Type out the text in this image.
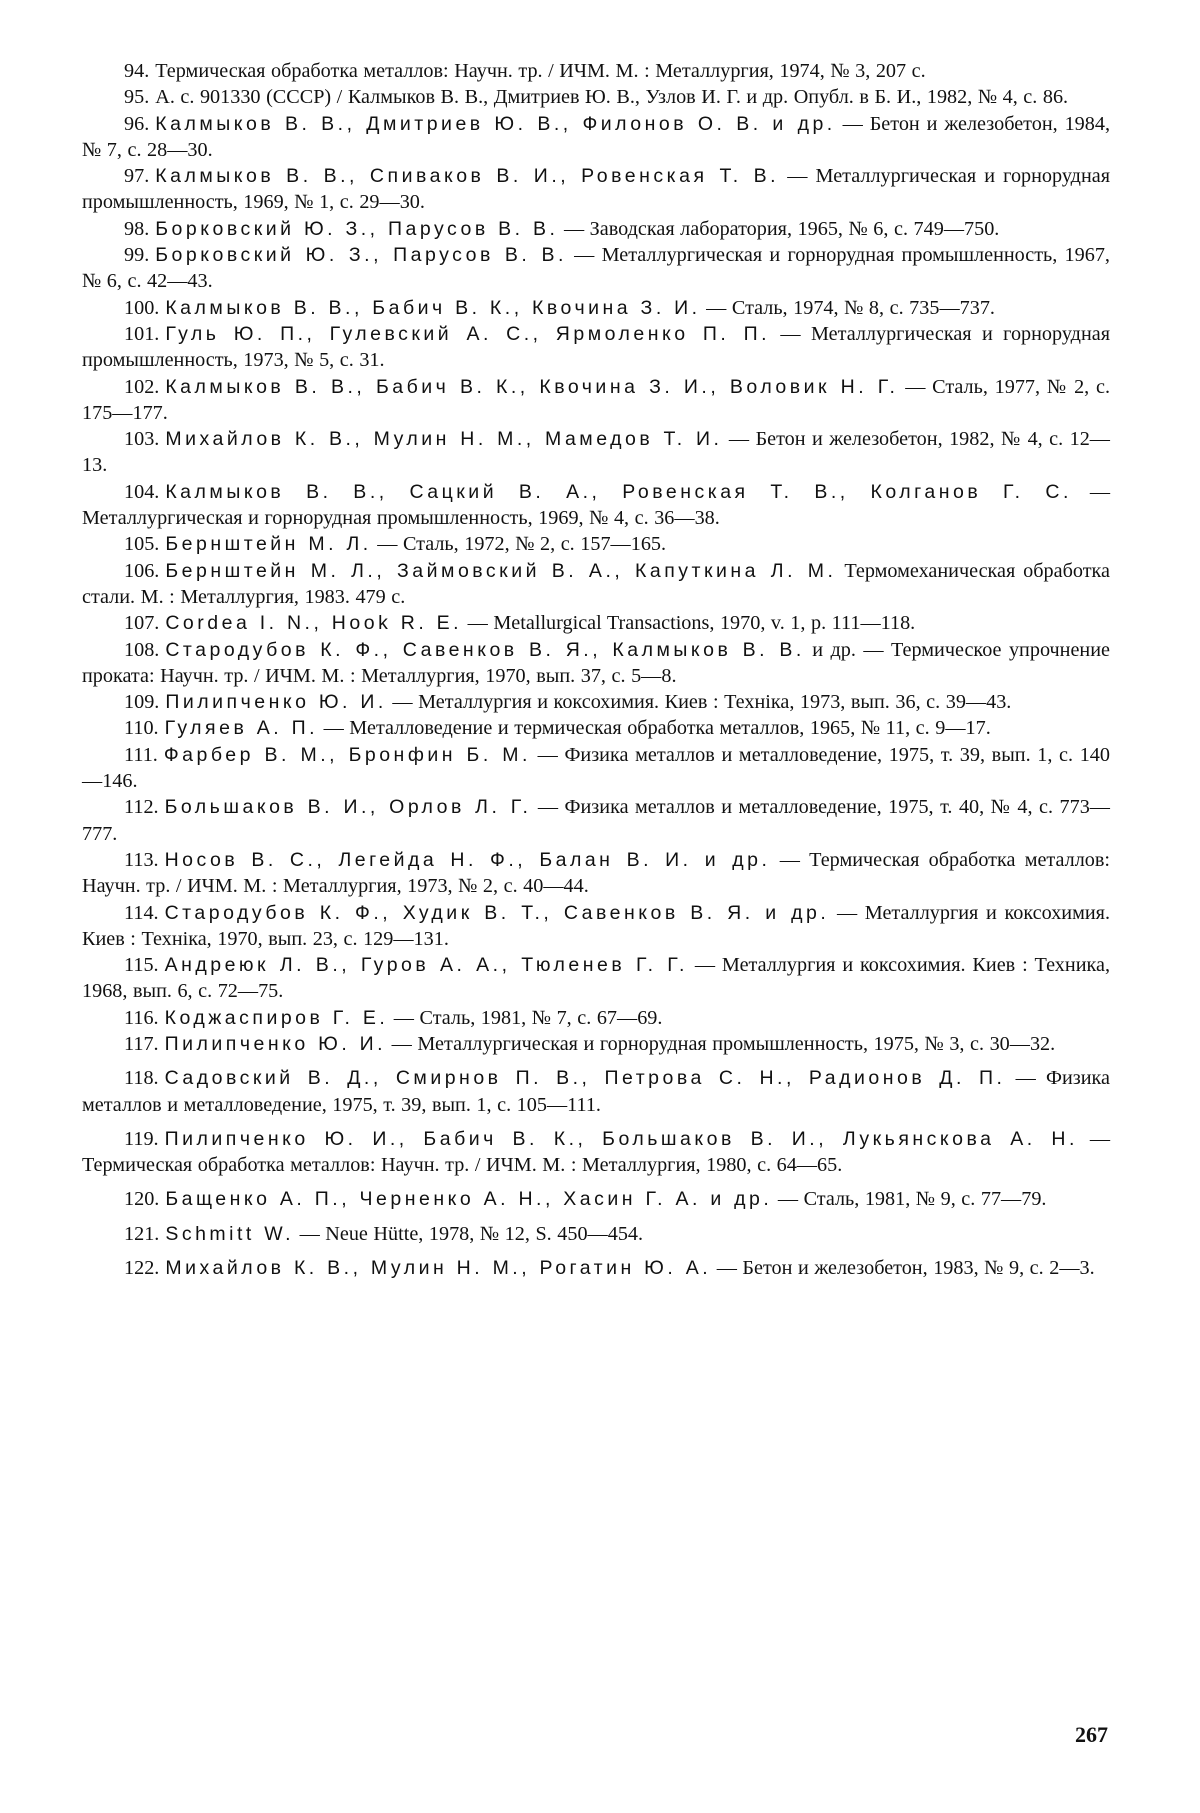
94. Термическая обработка металлов: Научн. тр. / ИЧМ. М. : Металлургия, 1974, № 3, 207 с.

95. А. с. 901330 (СССР) / Калмыков В. В., Дмитриев Ю. В., Узлов И. Г. и др. Опубл. в Б. И., 1982, № 4, с. 86.

96. Калмыков В. В., Дмитриев Ю. В., Филонов О. В. и др. — Бетон и железобетон, 1984, № 7, с. 28—30.

97. Калмыков В. В., Спиваков В. И., Ровенская Т. В. — Металлургическая и горнорудная промышленность, 1969, № 1, с. 29—30.

98. Борковский Ю. З., Парусов В. В. — Заводская лаборатория, 1965, № 6, с. 749—750.

99. Борковский Ю. З., Парусов В. В. — Металлургическая и горнорудная промышленность, 1967, № 6, с. 42—43.

100. Калмыков В. В., Бабич В. К., Квочина З. И. — Сталь, 1974, № 8, с. 735—737.

101. Гуль Ю. П., Гулевский А. С., Ярмоленко П. П. — Металлургическая и горнорудная промышленность, 1973, № 5, с. 31.

102. Калмыков В. В., Бабич В. К., Квочина З. И., Воловик Н. Г. — Сталь, 1977, № 2, с. 175—177.

103. Михайлов К. В., Мулин Н. М., Мамедов Т. И. — Бетон и железобетон, 1982, № 4, с. 12—13.

104. Калмыков В. В., Сацкий В. А., Ровенская Т. В., Колганов Г. С. — Металлургическая и горнорудная промышленность, 1969, № 4, с. 36—38.

105. Бернштейн М. Л. — Сталь, 1972, № 2, с. 157—165.

106. Бернштейн М. Л., Займовский В. А., Капуткина Л. М. Термомеханическая обработка стали. М. : Металлургия, 1983. 479 с.

107. Cordea I. N., Hook R. E. — Metallurgical Transactions, 1970, v. 1, p. 111—118.

108. Стародубов К. Ф., Савенков В. Я., Калмыков В. В. и др. — Термическое упрочнение проката: Научн. тр. / ИЧМ. М. : Металлургия, 1970, вып. 37, с. 5—8.

109. Пилипченко Ю. И. — Металлургия и коксохимия. Киев : Технiка, 1973, вып. 36, с. 39—43.

110. Гуляев А. П. — Металловедение и термическая обработка металлов, 1965, № 11, с. 9—17.

111. Фарбер В. М., Бронфин Б. М. — Физика металлов и металловедение, 1975, т. 39, вып. 1, с. 140—146.

112. Большаков В. И., Орлов Л. Г. — Физика металлов и металловедение, 1975, т. 40, № 4, с. 773—777.

113. Носов В. С., Легейда Н. Ф., Балан В. И. и др. — Термическая обработка металлов: Научн. тр. / ИЧМ. М. : Металлургия, 1973, № 2, с. 40—44.

114. Стародубов К. Ф., Худик В. Т., Савенков В. Я. и др. — Металлургия и коксохимия. Киев : Технiка, 1970, вып. 23, с. 129—131.

115. Андреюк Л. В., Гуров А. А., Тюленев Г. Г. — Металлургия и коксохимия. Киев : Техника, 1968, вып. 6, с. 72—75.

116. Коджаспиров Г. Е. — Сталь, 1981, № 7, с. 67—69.

117. Пилипченко Ю. И. — Металлургическая и горнорудная промышленность, 1975, № 3, с. 30—32.

118. Садовский В. Д., Смирнов П. В., Петрова С. Н., Радионов Д. П. — Физика металлов и металловедение, 1975, т. 39, вып. 1, с. 105—111.

119. Пилипченко Ю. И., Бабич В. К., Большаков В. И., Лукьянскова А. Н. — Термическая обработка металлов: Научн. тр. / ИЧМ. М. : Металлургия, 1980, с. 64—65.

120. Бащенко А. П., Черненко А. Н., Хасин Г. А. и др. — Сталь, 1981, № 9, с. 77—79.

121. Schmitt W. — Neue Hütte, 1978, № 12, S. 450—454.

122. Михайлов К. В., Мулин Н. М., Рогатин Ю. А. — Бетон и железобетон, 1983, № 9, с. 2—3.

267
